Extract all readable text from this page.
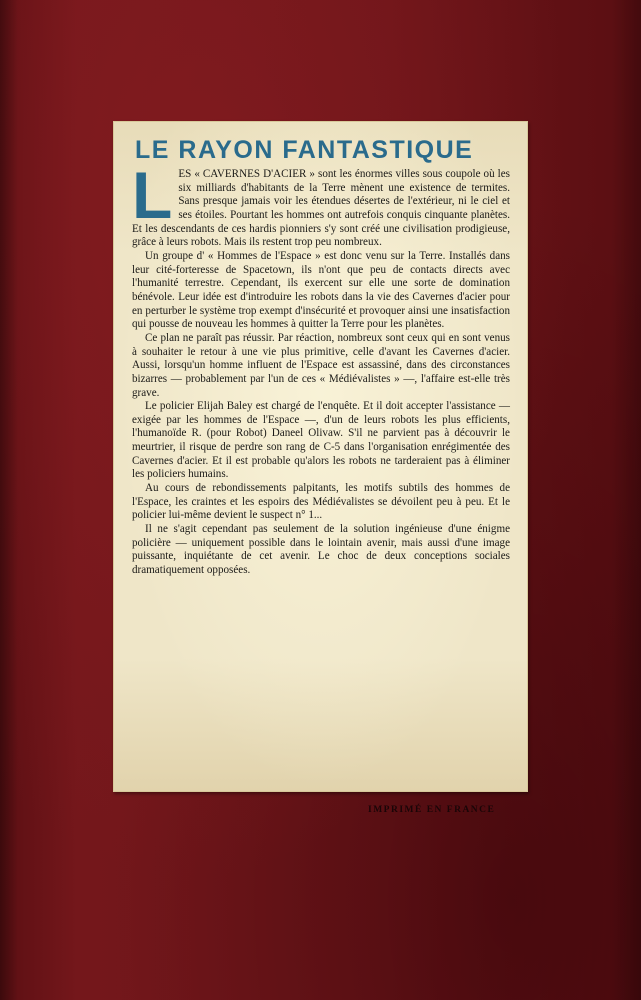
LE RAYON FANTASTIQUE

LES « CAVERNES D'ACIER » sont les énormes villes sous coupole où les six milliards d'habitants de la Terre mènent une existence de termites. Sans presque jamais voir les étendues désertes de l'extérieur, ni le ciel et ses étoiles. Pourtant les hommes ont autrefois conquis cinquante planètes. Et les descendants de ces hardis pionniers s'y sont créé une civilisation prodigieuse, grâce à leurs robots. Mais ils restent trop peu nombreux.

Un groupe d' « Hommes de l'Espace » est donc venu sur la Terre. Installés dans leur cité-forteresse de Spacetown, ils n'ont que peu de contacts directs avec l'humanité terrestre. Cependant, ils exercent sur elle une sorte de domination bénévole. Leur idée est d'introduire les robots dans la vie des Cavernes d'acier pour en perturber le système trop exempt d'insécurité et provoquer ainsi une insatisfaction qui pousse de nouveau les hommes à quitter la Terre pour les planètes.

Ce plan ne paraît pas réussir. Par réaction, nombreux sont ceux qui en sont venus à souhaiter le retour à une vie plus primitive, celle d'avant les Cavernes d'acier. Aussi, lorsqu'un homme influent de l'Espace est assassiné, dans des circonstances bizarres — probablement par l'un de ces « Médiévalistes » —, l'affaire est-elle très grave.

Le policier Elijah Baley est chargé de l'enquête. Et il doit accepter l'assistance — exigée par les hommes de l'Espace —, d'un de leurs robots les plus efficients, l'humanoïde R. (pour Robot) Daneel Olivaw. S'il ne parvient pas à découvrir le meurtrier, il risque de perdre son rang de C-5 dans l'organisation enrégimentée des Cavernes d'acier. Et il est probable qu'alors les robots ne tarderaient pas à éliminer les policiers humains.

Au cours de rebondissements palpitants, les motifs subtils des hommes de l'Espace, les craintes et les espoirs des Médiévalistes se dévoilent peu à peu. Et le policier lui-même devient le suspect n° 1...

Il ne s'agit cependant pas seulement de la solution ingénieuse d'une énigme policière — uniquement possible dans le lointain avenir, mais aussi d'une image puissante, inquiétante de cet avenir. Le choc de deux conceptions sociales dramatiquement opposées.

IMPRIMÉ EN FRANCE
